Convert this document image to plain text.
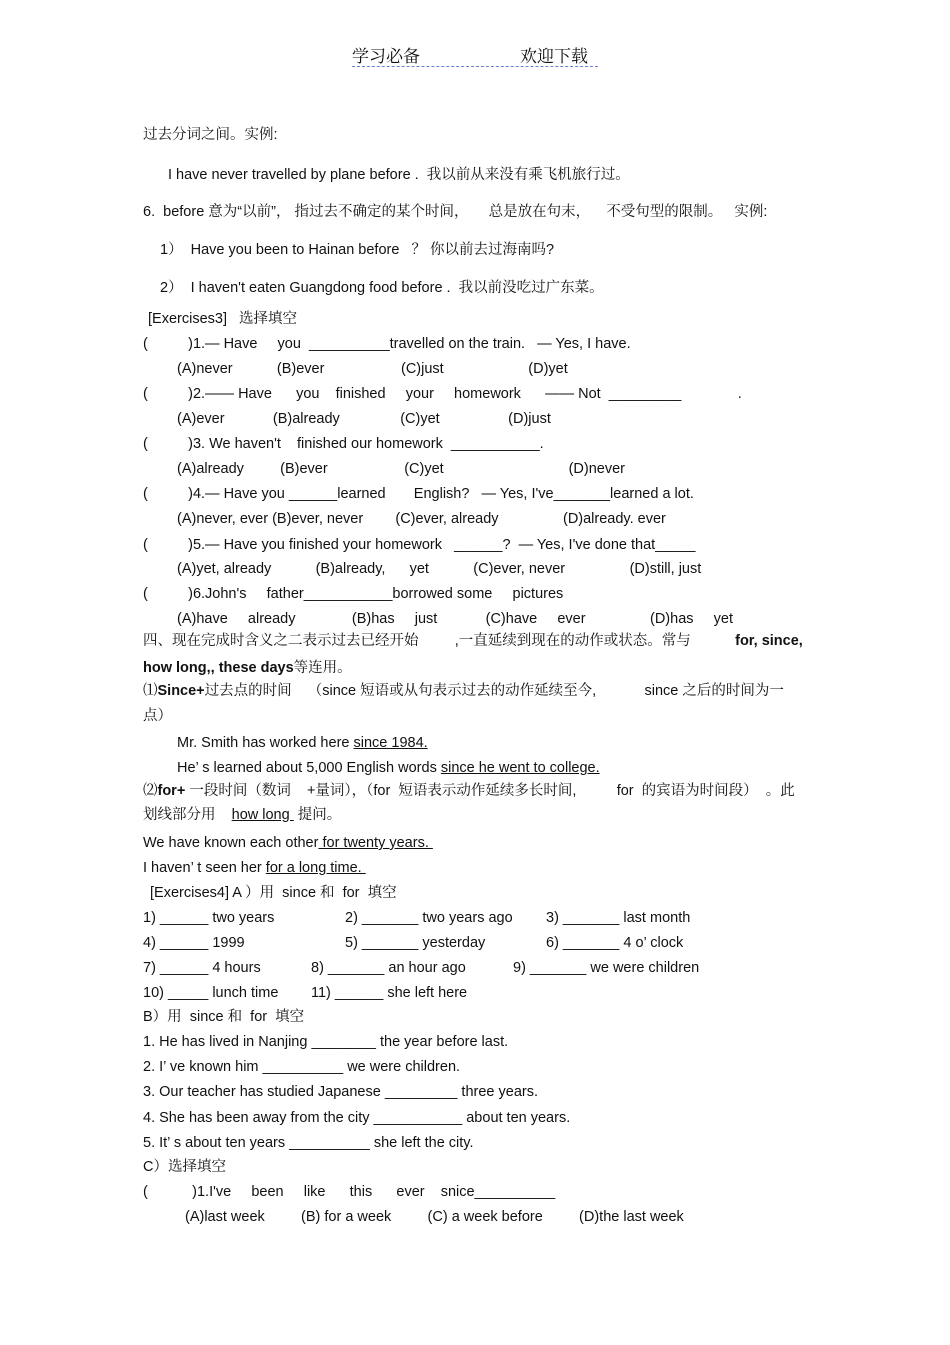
学习必备	欢迎下载
过去分词之间。实例:
I have never travelled by plane before .  我以前从来没有乘飞机旅行过。
6.  before 意为“以前”， 指过去不确定的某个时间，     总是放在句末，    不受句型的限制。   实例:
1）  Have you been to Hainan before   ？ 你以前去过海南吗?
2）  I haven't eaten Guangdong food before .  我以前没吃过广东菜。
[Exercises3]   选择填空
(          )1.— Have     you  __________travelled on the train.   — Yes, I have.
(A)never           (B)ever                   (C)just                     (D)yet
(          )2.—— Have      you    finished     your     homework      —— Not  _________              .
(A)ever            (B)already               (C)yet                 (D)just
(          )3. We haven't    finished our homework  ___________.
(A)already         (B)ever                   (C)yet                               (D)never
(          )4.— Have you ______learned       English?   — Yes, I've_______learned a lot.
(A)never, ever (B)ever, never        (C)ever, already                (D)already. ever
(          )5.— Have you finished your homework   ______?  — Yes, I've done that_____
(A)yet, already           (B)already,      yet           (C)ever, never                (D)still, just
(          )6.John's     father___________borrowed some     pictures
(A)have     already              (B)has     just            (C)have     ever                (D)has     yet
四、现在完成时含义之二表示过去已经开始         ,一直延续到现在的动作或状态。常与           for, since,
how long,, these days等连用。
⑴Since+过去点的时间    （since 短语或从句表示过去的动作延续至今,            since 之后的时间为一
点）
Mr. Smith has worked here since 1984.
He’ s learned about 5,000 English words since he went to college.
⑵for+ 一段时间（数词    +量词），（for  短语表示动作延续多长时间,          for  的宾语为时间段）  。此
划线部分用    how long  提问。
We have known each other for twenty years.
I haven’ t seen her for a long time.
[Exercises4] A ）用  since 和  for  填空
1) ______ two years	2) _______ two years ago 3) _______ last month
4) ______ 1999	5) _______ yesterday	6) _______ 4 o’ clock
7) ______ 4 hours	8) _______ an hour ago	9) _______ we were children
10) _____ lunch time 11) ______ she left here
B）用  since 和  for  填空
1. He has lived in Nanjing ________ the year before last.
2. I’ ve known him __________ we were children.
3. Our teacher has studied Japanese _________ three years.
4. She has been away from the city ___________ about ten years.
5. It’ s about ten years __________ she left the city.
C）选择填空
(           )1.I've     been     like      this      ever    snice__________
(A)last week         (B) for a week         (C) a week before         (D)the last week
